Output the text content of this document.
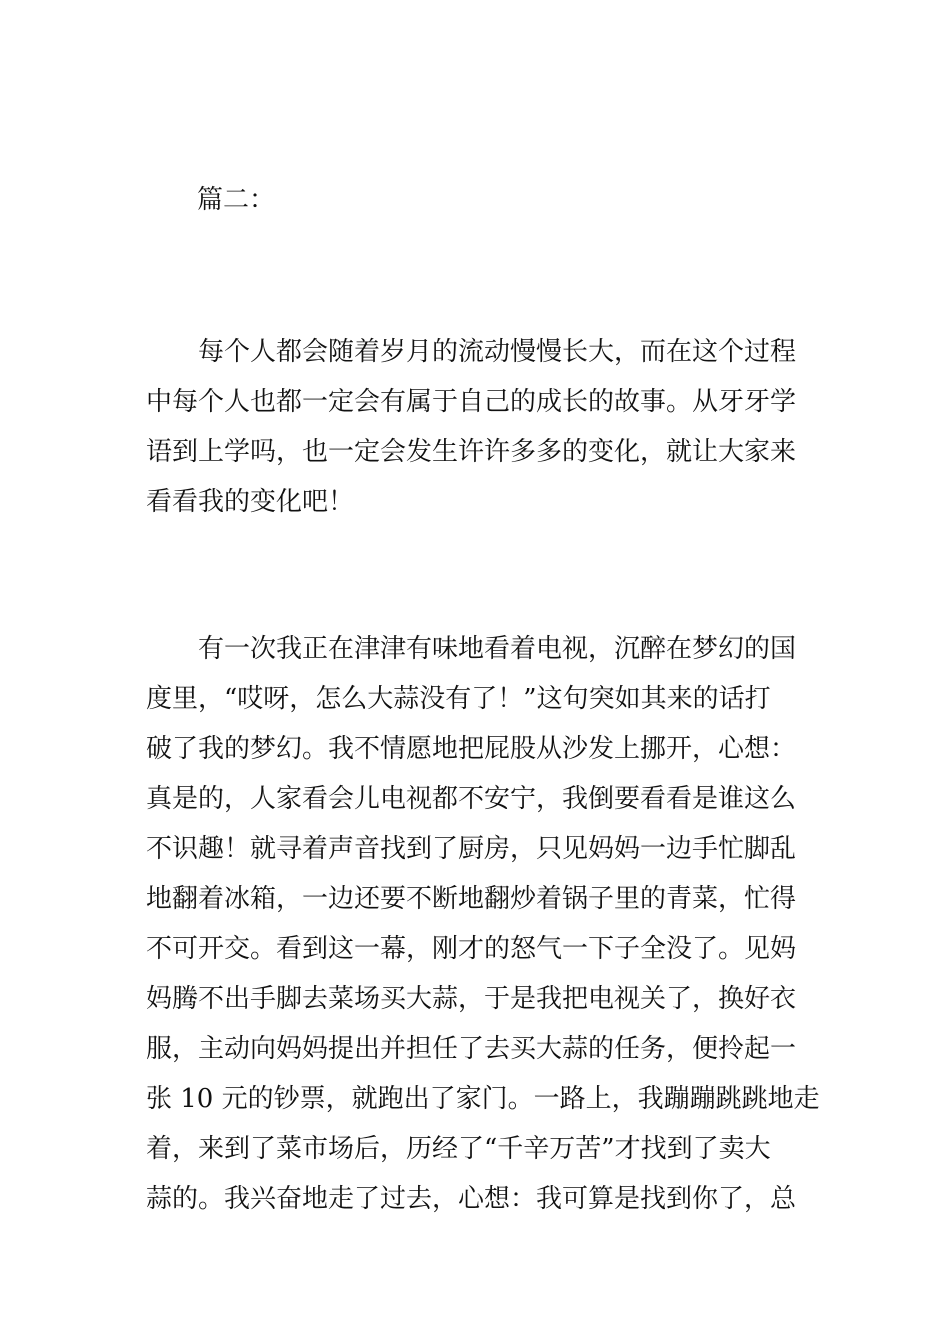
篇二：

每个人都会随着岁月的流动慢慢长大，而在这个过程
中每个人也都一定会有属于自己的成长的故事。从牙牙学
语到上学吗，也一定会发生许许多多的变化，就让大家来
看看我的变化吧！

有一次我正在津津有味地看着电视，沉醉在梦幻的国
度里，“哎呀，怎么大蒜没有了！”这句突如其来的话打
破了我的梦幻。我不情愿地把屁股从沙发上挪开，心想：
真是的，人家看会儿电视都不安宁，我倒要看看是谁这么
不识趣！就寻着声音找到了厨房，只见妈妈一边手忙脚乱
地翻着冰箱，一边还要不断地翻炒着锅子里的青菜，忙得
不可开交。看到这一幕，刚才的怒气一下子全没了。见妈
妈腾不出手脚去菜场买大蒜，于是我把电视关了，换好衣
服，主动向妈妈提出并担任了去买大蒜的任务，便拎起一
张 10 元的钞票，就跑出了家门。一路上，我蹦蹦跳跳地走
着，来到了菜市场后，历经了“千辛万苦”才找到了卖大
蒜的。我兴奋地走了过去，心想：我可算是找到你了，总
